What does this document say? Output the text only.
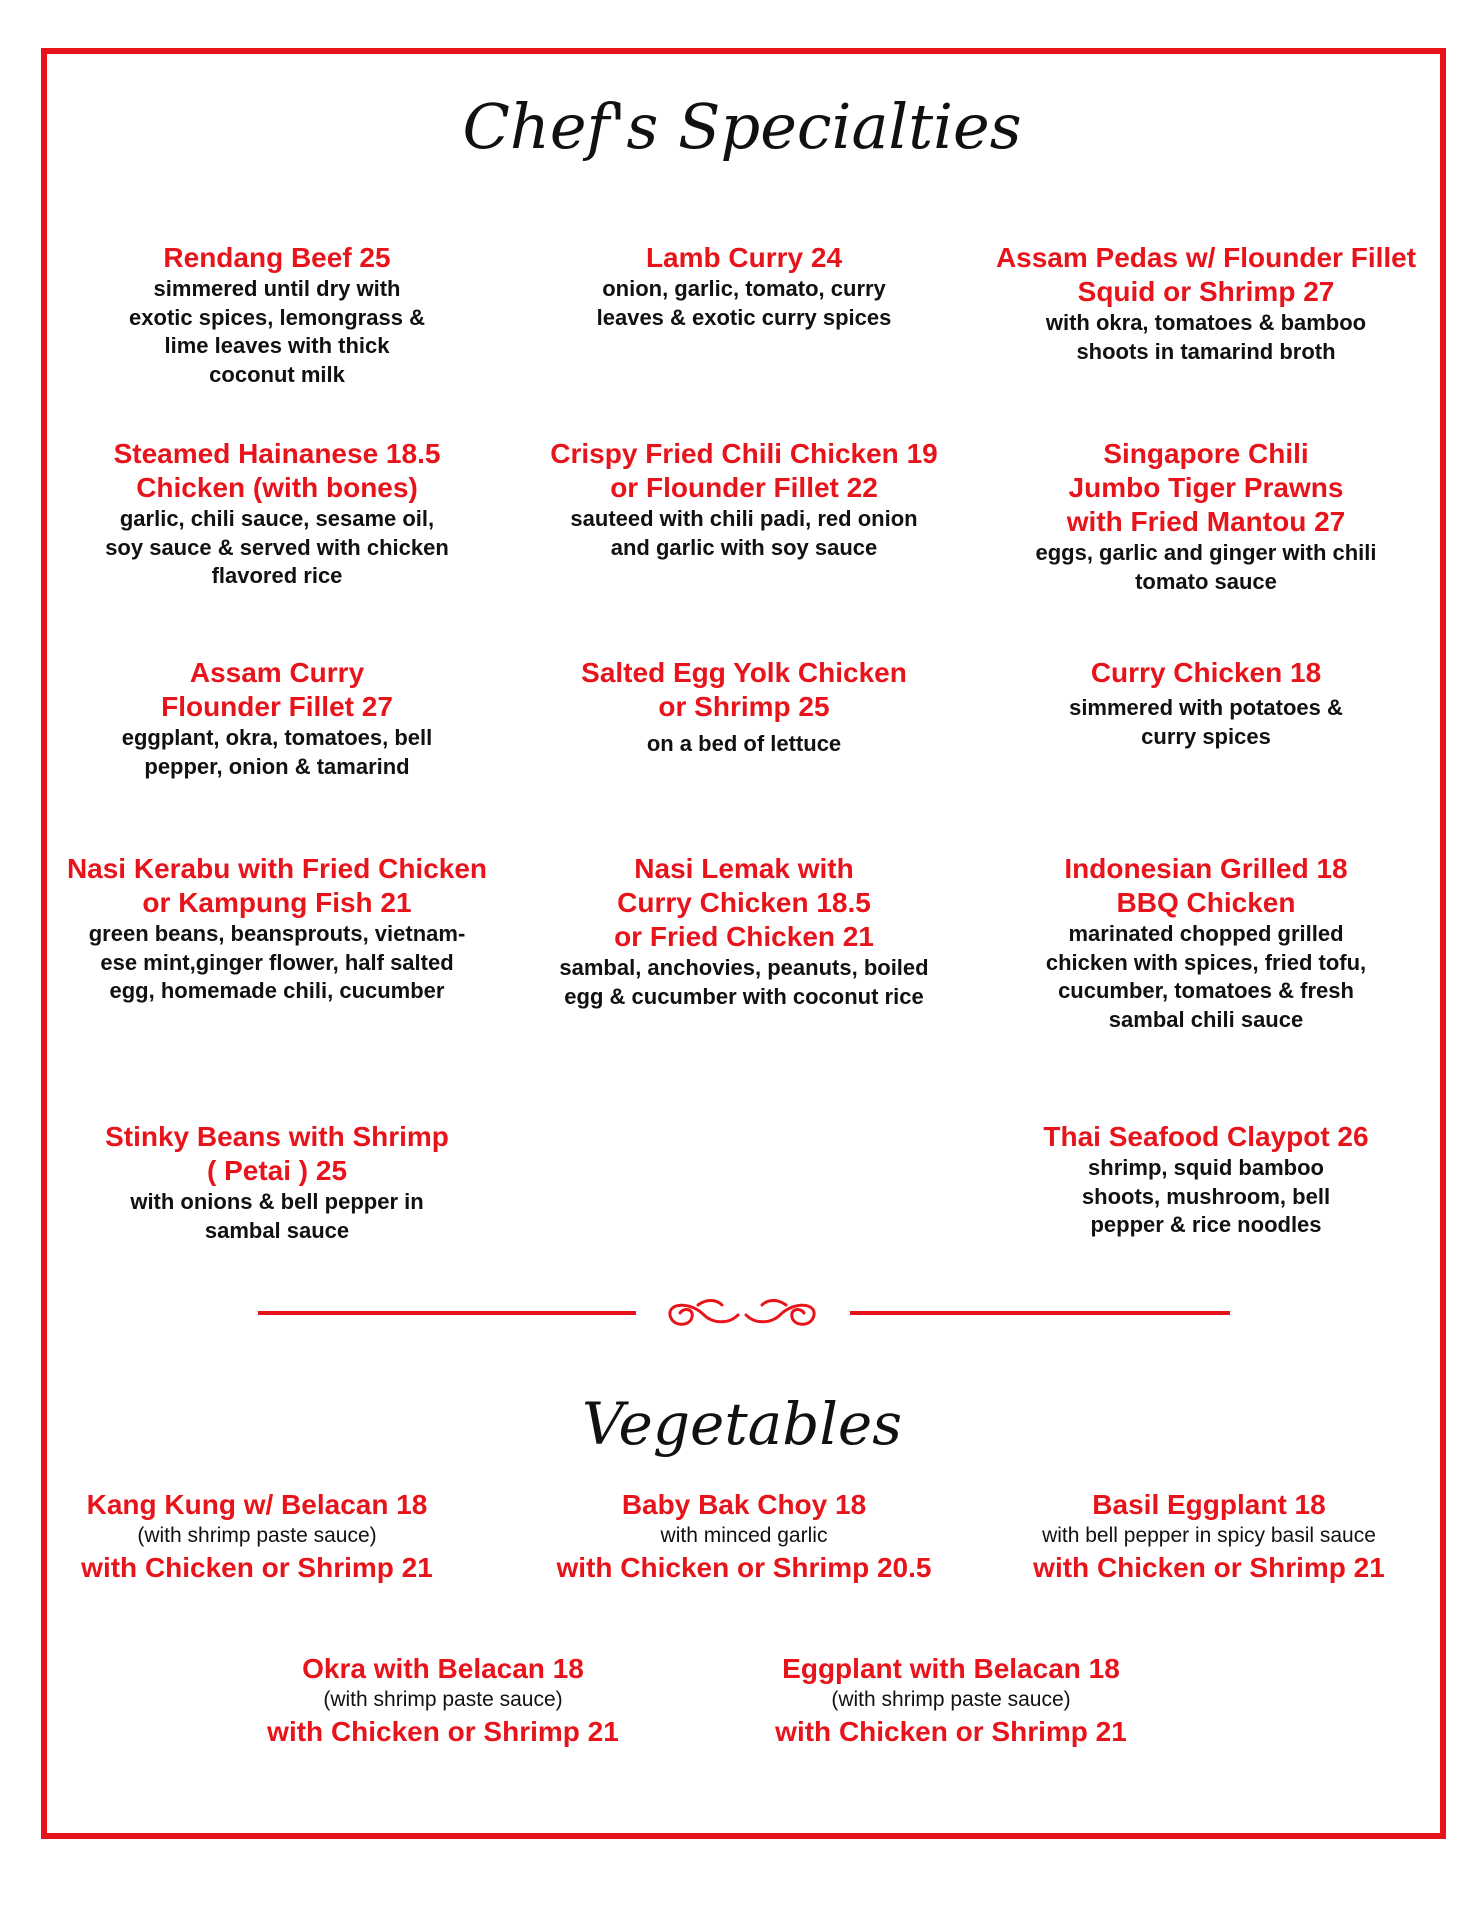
Chef's Specialties
Rendang Beef 25
simmered until dry with
exotic spices, lemongrass &
lime leaves with thick
coconut milk
Lamb Curry 24
onion, garlic, tomato, curry
leaves & exotic curry spices
Assam Pedas w/ Flounder Fillet
Squid or Shrimp 27
with okra, tomatoes & bamboo
shoots in tamarind broth
Steamed Hainanese 18.5
Chicken (with bones)
garlic, chili sauce, sesame oil,
soy sauce & served with chicken
flavored rice
Crispy Fried Chili Chicken 19
or Flounder Fillet 22
sauteed with chili padi, red onion
and garlic with soy sauce
Singapore Chili
Jumbo Tiger Prawns
with Fried Mantou 27
eggs, garlic and ginger with chili
tomato sauce
Assam Curry
Flounder Fillet 27
eggplant, okra, tomatoes, bell
pepper, onion & tamarind
Salted Egg Yolk Chicken
or Shrimp 25
on a bed of lettuce
Curry Chicken 18
simmered with potatoes &
curry spices
Nasi Kerabu with Fried Chicken
or Kampung Fish 21
green beans, beansprouts, vietnam-
ese mint,ginger flower, half salted
egg, homemade chili, cucumber
Nasi Lemak with
Curry Chicken 18.5
or Fried Chicken 21
sambal, anchovies, peanuts, boiled
egg & cucumber with coconut rice
Indonesian Grilled 18
BBQ Chicken
marinated chopped grilled
chicken with spices, fried tofu,
cucumber, tomatoes & fresh
sambal chili sauce
Stinky Beans with Shrimp
( Petai ) 25
with onions & bell pepper in
sambal sauce
Thai Seafood Claypot 26
shrimp, squid bamboo
shoots, mushroom, bell
pepper & rice noodles
Vegetables
Kang Kung w/ Belacan 18
(with shrimp paste sauce)
with Chicken or Shrimp 21
Baby Bak Choy 18
with minced garlic
with Chicken or Shrimp 20.5
Basil Eggplant 18
with bell pepper in spicy basil sauce
with Chicken or Shrimp 21
Okra with Belacan 18
(with shrimp paste sauce)
with Chicken or Shrimp 21
Eggplant with Belacan 18
(with shrimp paste sauce)
with Chicken or Shrimp 21
